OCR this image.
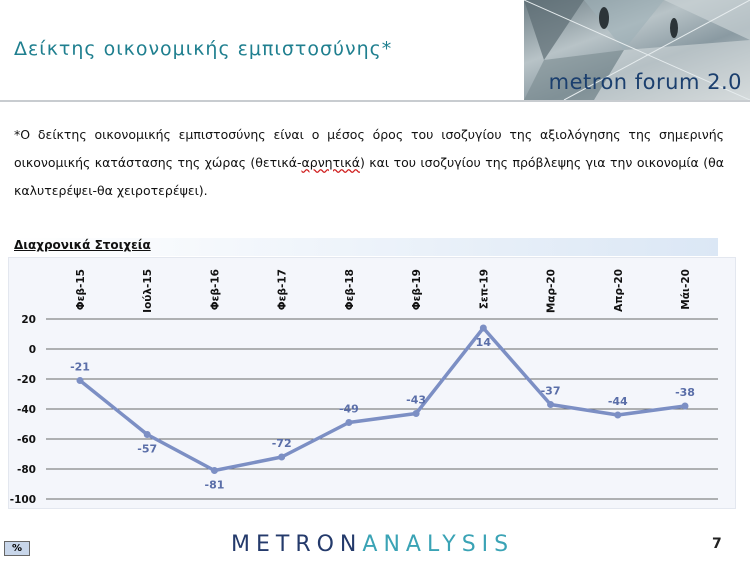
Δείκτης οικονομικής εμπιστοσύνης*
metron forum 2.0
*Ο δείκτης οικονομικής εμπιστοσύνης είναι ο μέσος όρος του ισοζυγίου της αξιολόγησης της σημερινής οικονομικής κατάστασης της χώρας (θετικά-αρνητικά) και του ισοζυγίου της πρόβλεψης για την οικονομία (θα καλυτερέψει-θα χειροτερέψει).
Διαχρονικά Στοιχεία
20
0
-20
-40
-60
-80
-100
Φεβ-15	Ιούλ-15	Φεβ-16	Φεβ-17	Φεβ-18	Φεβ-19	Σεπ-19	Μαρ-20	Απρ-20	Μάι-20
-21
-57
-81
-72
-49
-43
14
-37
-44
-38
%	METRONANALYSIS	7
